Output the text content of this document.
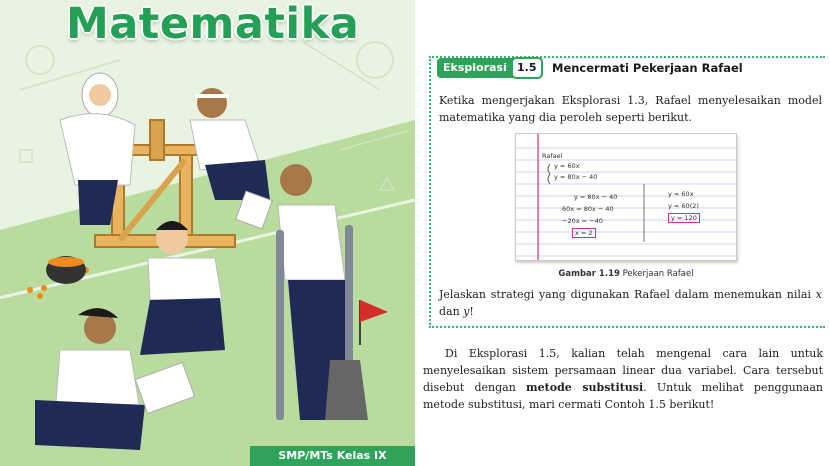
Matematika
SMP/MTs Kelas IX
Eksplorasi 1.5	Mencermati Pekerjaan Rafael

Ketika mengerjakan Eksplorasi 1.3, Rafael menyelesaikan model matematika yang dia peroleh seperti berikut.

Rafael
y = 60x
y = 80x − 40
y = 80x − 40
60x = 80x − 40
−20x = −40
x = 2
y = 60x
y = 60(2)
y = 120
Gambar 1.19 Pekerjaan Rafael

Jelaskan strategi yang digunakan Rafael dalam menemukan nilai x dan y!

Di Eksplorasi 1.5, kalian telah mengenal cara lain untuk menyelesaikan sistem persamaan linear dua variabel. Cara tersebut disebut dengan metode substitusi. Untuk melihat penggunaan metode substitusi, mari cermati Contoh 1.5 berikut!
